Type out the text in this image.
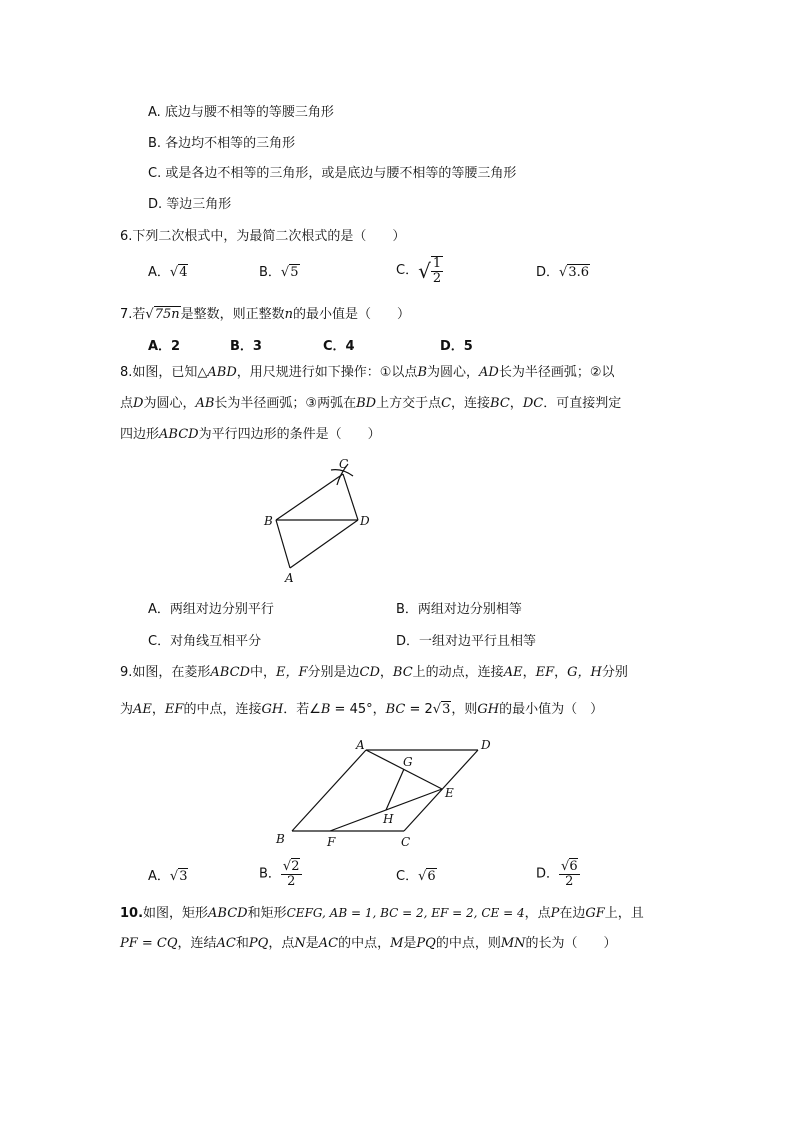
A. 底边与腰不相等的等腰三角形
B. 各边均不相等的三角形
C. 或是各边不相等的三角形，或是底边与腰不相等的等腰三角形
D. 等边三角形
6.下列二次根式中，为最简二次根式的是（　　）
A．√4	B．√5	C．√ $\frac{1}{2}$	D．√3.6
7.若√75n是整数，则正整数n的最小值是（　　）
A．2	B．3	C．4	D．5
8.如图，已知△ABD，用尺规进行如下操作：①以点B为圆心，AD长为半径画弧；②以
点D为圆心，AB长为半径画弧；③两弧在BD上方交于点C，连接BC，DC．可直接判定
四边形ABCD为平行四边形的条件是（　　）
C
B	D
A
A	D
G
E
H
B	F	C
A．两组对边分别平行	B．两组对边分别相等
C．对角线互相平分	D．一组对边平行且相等
9.如图，在菱形ABCD中，E，F分别是边CD，BC上的动点，连接AE，EF，G，H分别
为AE，EF的中点，连接GH．若∠B = 45°，BC = 2√3，则GH的最小值为（　）
A．√3	B． $\frac{√2}{2}$	C．√6	D． $\frac{√6}{2}$
10.如图，矩形ABCD和矩形CEFG, AB = 1, BC = 2, EF = 2, CE = 4，点P在边GF上，且
PF = CQ，连结AC和PQ，点N是AC的中点，M是PQ的中点，则MN的长为（　　）
